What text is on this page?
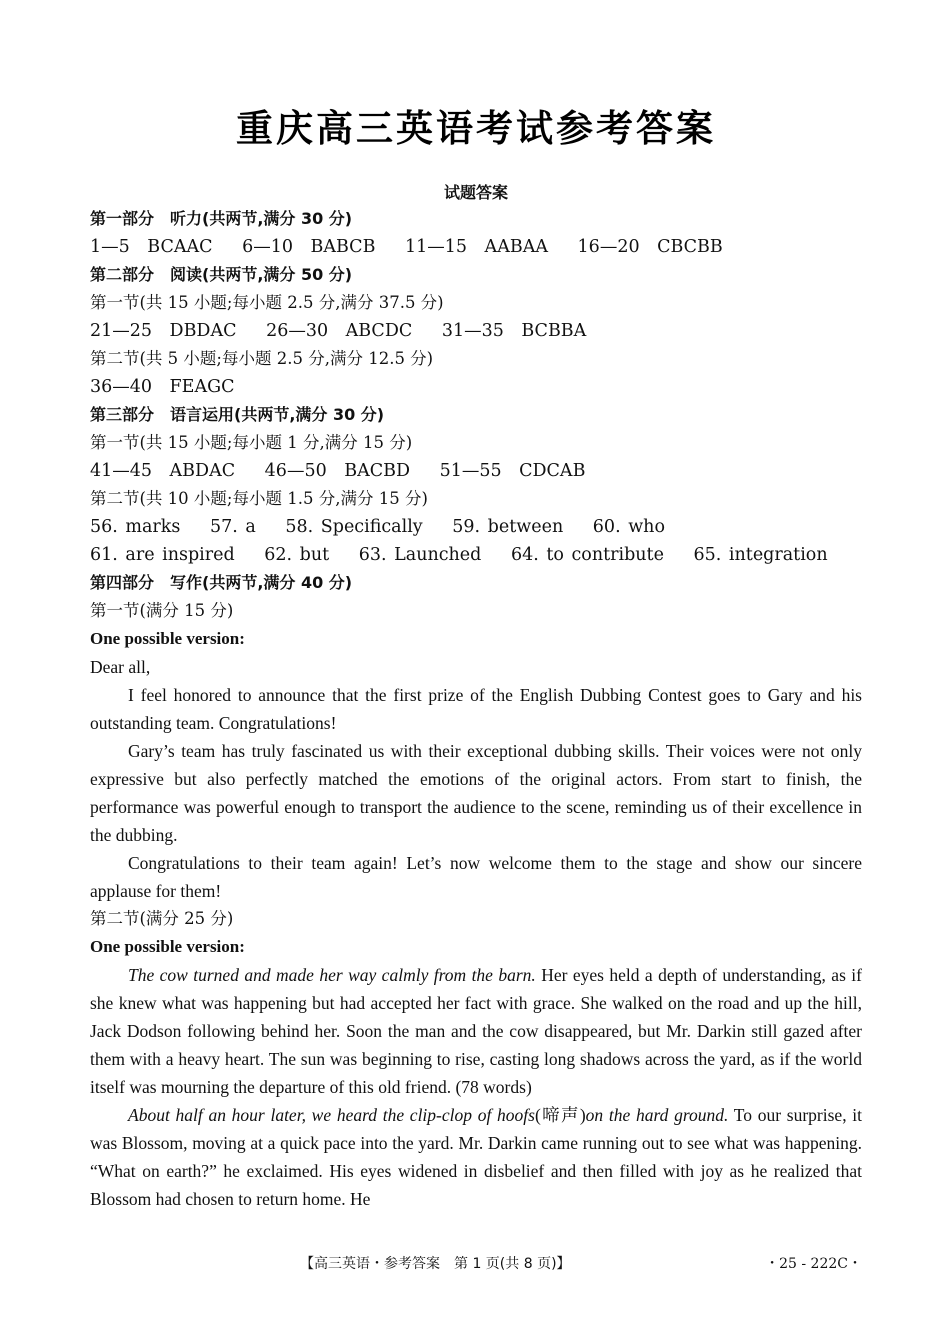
重庆高三英语考试参考答案
试题答案
第一部分　听力(共两节,满分 30 分)
1—5　BCAAC 6—10　BABCB 11—15　AABAA 16—20　CBCBB
第二部分　阅读(共两节,满分 50 分)
第一节(共 15 小题;每小题 2.5 分,满分 37.5 分)
21—25　DBDAC 26—30　ABCDC 31—35　BCBBA
第二节(共 5 小题;每小题 2.5 分,满分 12.5 分)
36—40　FEAGC
第三部分　语言运用(共两节,满分 30 分)
第一节(共 15 小题;每小题 1 分,满分 15 分)
41—45　ABDAC 46—50　BACBD 51—55　CDCAB
第二节(共 10 小题;每小题 1.5 分,满分 15 分)
56. marks 57. a 58. Specifically 59. between 60. who
61. are inspired 62. but 63. Launched 64. to contribute 65. integration
第四部分　写作(共两节,满分 40 分)
第一节(满分 15 分)
One possible version:
Dear all,

I feel honored to announce that the first prize of the English Dubbing Contest goes to Gary and his outstanding team. Congratulations!

Gary’s team has truly fascinated us with their exceptional dubbing skills. Their voices were not only expressive but also perfectly matched the emotions of the original actors. From start to finish, the performance was powerful enough to transport the audience to the scene, reminding us of their excellence in the dubbing.

Congratulations to their team again! Let’s now welcome them to the stage and show our sincere applause for them!

第二节(满分 25 分)
One possible version:

The cow turned and made her way calmly from the barn. Her eyes held a depth of understanding, as if she knew what was happening but had accepted her fact with grace. She walked on the road and up the hill, Jack Dodson following behind her. Soon the man and the cow disappeared, but Mr. Darkin still gazed after them with a heavy heart. The sun was beginning to rise, casting long shadows across the yard, as if the world itself was mourning the departure of this old friend. (78 words)

About half an hour later, we heard the clip-clop of hoofs(啼声)on the hard ground. To our surprise, it was Blossom, moving at a quick pace into the yard. Mr. Darkin came running out to see what was happening. “What on earth?” he exclaimed. His eyes widened in disbelief and then filled with joy as he realized that Blossom had chosen to return home. He

【高三英语・参考答案　第 1 页(共 8 页)】	・25 - 222C・
